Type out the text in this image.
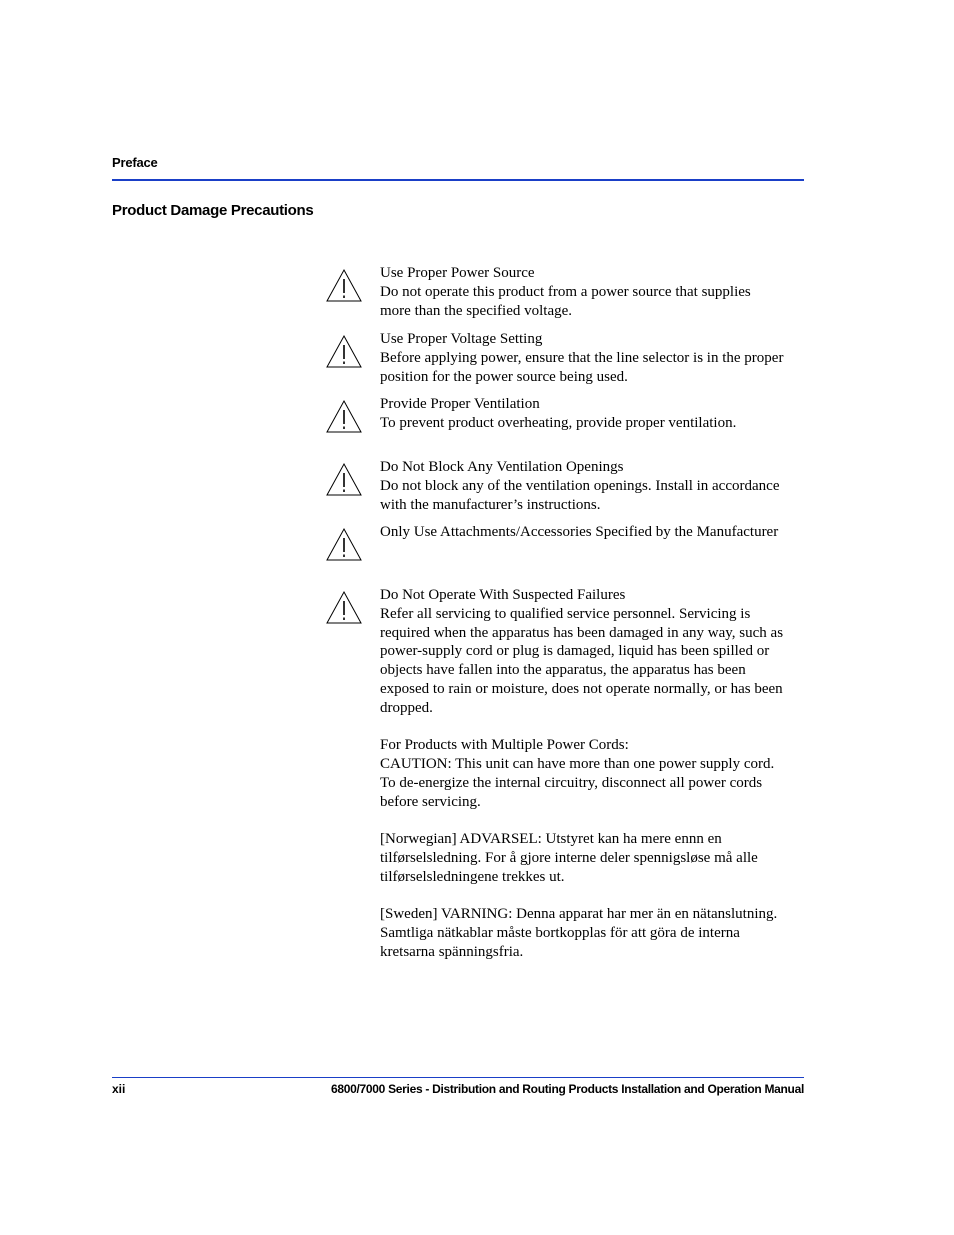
Preface
Product Damage Precautions

Use Proper Power Source

Do not operate this product from a power source that supplies

more than the specified voltage.

Use Proper Voltage Setting

Before applying power, ensure that the line selector is in the proper

position for the power source being used.

Provide Proper Ventilation

To prevent product overheating, provide proper ventilation.

Do Not Block Any Ventilation Openings

Do not block any of the ventilation openings. Install in accordance

with the manufacturer’s instructions.

Only Use Attachments/Accessories Specified by the Manufacturer

Do Not Operate With Suspected Failures

Refer all servicing to qualified service personnel. Servicing is

required when the apparatus has been damaged in any way, such as

power-supply cord or plug is damaged, liquid has been spilled or

objects have fallen into the apparatus, the apparatus has been

exposed to rain or moisture, does not operate normally, or has been

dropped.

For Products with Multiple Power Cords:

CAUTION: This unit can have more than one power supply cord.

To de-energize the internal circuitry, disconnect all power cords

before servicing.

[Norwegian] ADVARSEL: Utstyret kan ha mere ennn en

tilførselsledning. For å gjore interne deler spennigsløse må alle

tilførselsledningene trekkes ut.

[Sweden] VARNING: Denna apparat har mer än en nätanslutning.

Samtliga nätkablar måste bortkopplas för att göra de interna

kretsarna spänningsfria.

xii	6800/7000 Series - Distribution and Routing Products Installation and Operation Manual
